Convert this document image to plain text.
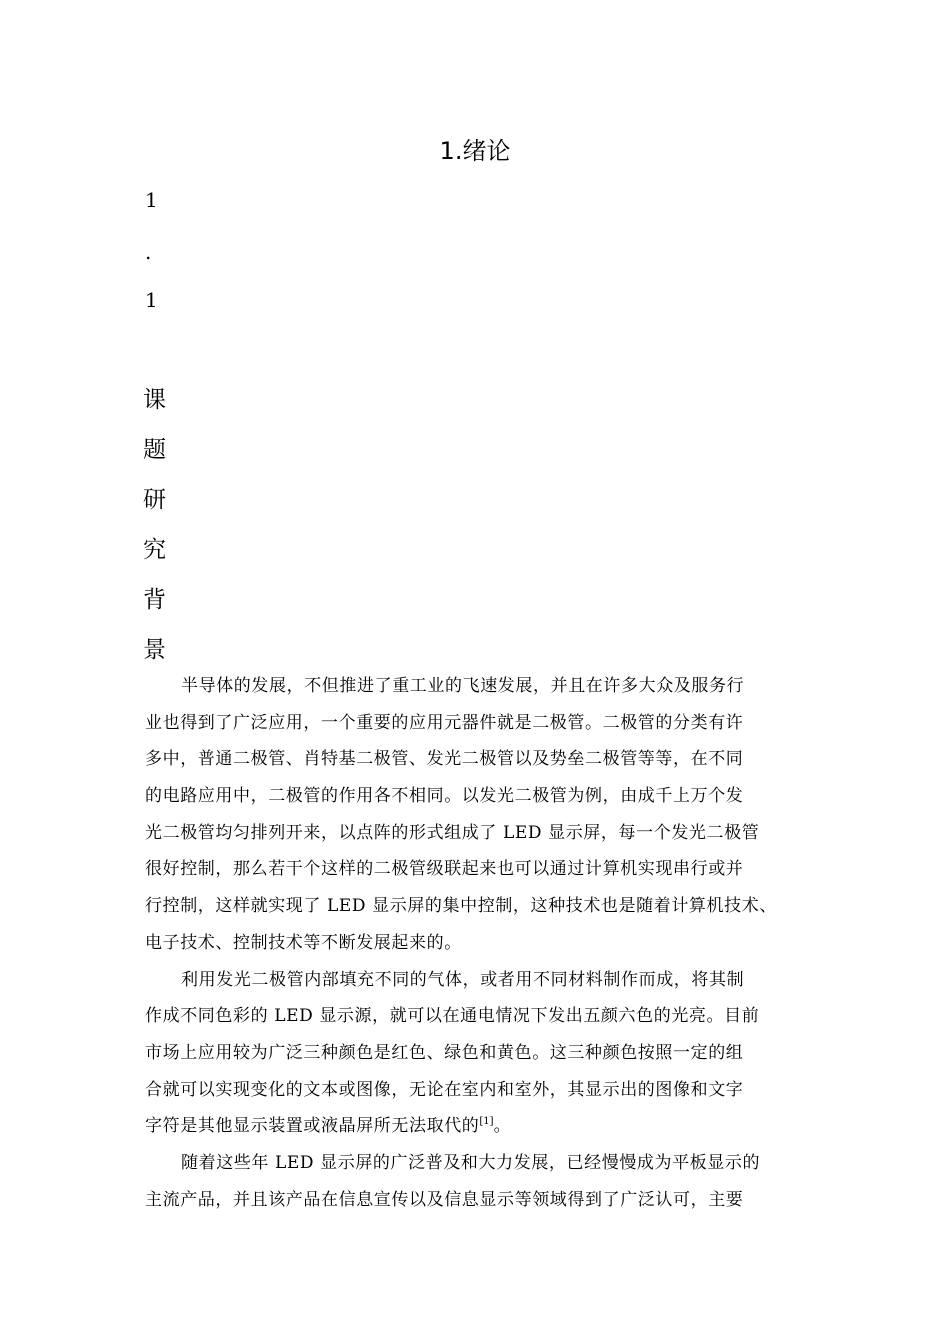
1.绪论
1
.
1
课
题
研
究
背
景
半导体的发展，不但推进了重工业的飞速发展，并且在许多大众及服务行
业也得到了广泛应用，一个重要的应用元器件就是二极管。二极管的分类有许
多中，普通二极管、肖特基二极管、发光二极管以及势垒二极管等等，在不同
的电路应用中，二极管的作用各不相同。以发光二极管为例，由成千上万个发
光二极管均匀排列开来，以点阵的形式组成了 LED 显示屏，每一个发光二极管
很好控制，那么若干个这样的二极管级联起来也可以通过计算机实现串行或并
行控制，这样就实现了 LED 显示屏的集中控制，这种技术也是随着计算机技术、
电子技术、控制技术等不断发展起来的。
利用发光二极管内部填充不同的气体，或者用不同材料制作而成，将其制
作成不同色彩的 LED 显示源，就可以在通电情况下发出五颜六色的光亮。目前
市场上应用较为广泛三种颜色是红色、绿色和黄色。这三种颜色按照一定的组
合就可以实现变化的文本或图像，无论在室内和室外，其显示出的图像和文字
字符是其他显示装置或液晶屏所无法取代的[1]。
随着这些年 LED 显示屏的广泛普及和大力发展，已经慢慢成为平板显示的
主流产品，并且该产品在信息宣传以及信息显示等领域得到了广泛认可，主要
